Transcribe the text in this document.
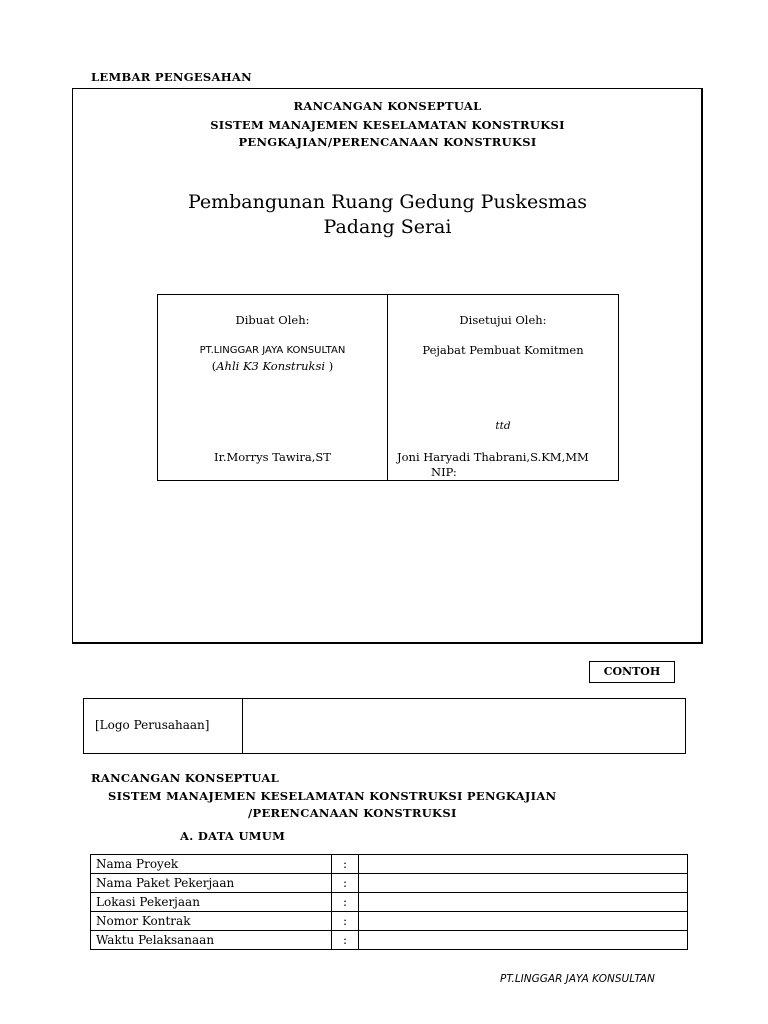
LEMBAR PENGESAHAN
RANCANGAN KONSEPTUAL
SISTEM MANAJEMEN KESELAMATAN KONSTRUKSI
PENGKAJIAN/PERENCANAAN KONSTRUKSI
Pembangunan Ruang Gedung Puskesmas
Padang Serai
Dibuat Oleh:
PT.LINGGAR JAYA KONSULTAN
(Ahli K3 Konstruksi )
Ir.Morrys Tawira,ST
Disetujui Oleh:
Pejabat Pembuat Komitmen
ttd
Joni Haryadi Thabrani,S.KM,MM
NIP:
CONTOH
[Logo Perusahaan]
RANCANGAN KONSEPTUAL
SISTEM MANAJEMEN KESELAMATAN KONSTRUKSI PENGKAJIAN
/PERENCANAAN KONSTRUKSI
A. DATA UMUM
Nama Proyek	:	
Nama Paket Pekerjaan	:	
Lokasi Pekerjaan	:	
Nomor Kontrak	:	
Waktu Pelaksanaan	:	
PT.LINGGAR JAYA KONSULTAN
